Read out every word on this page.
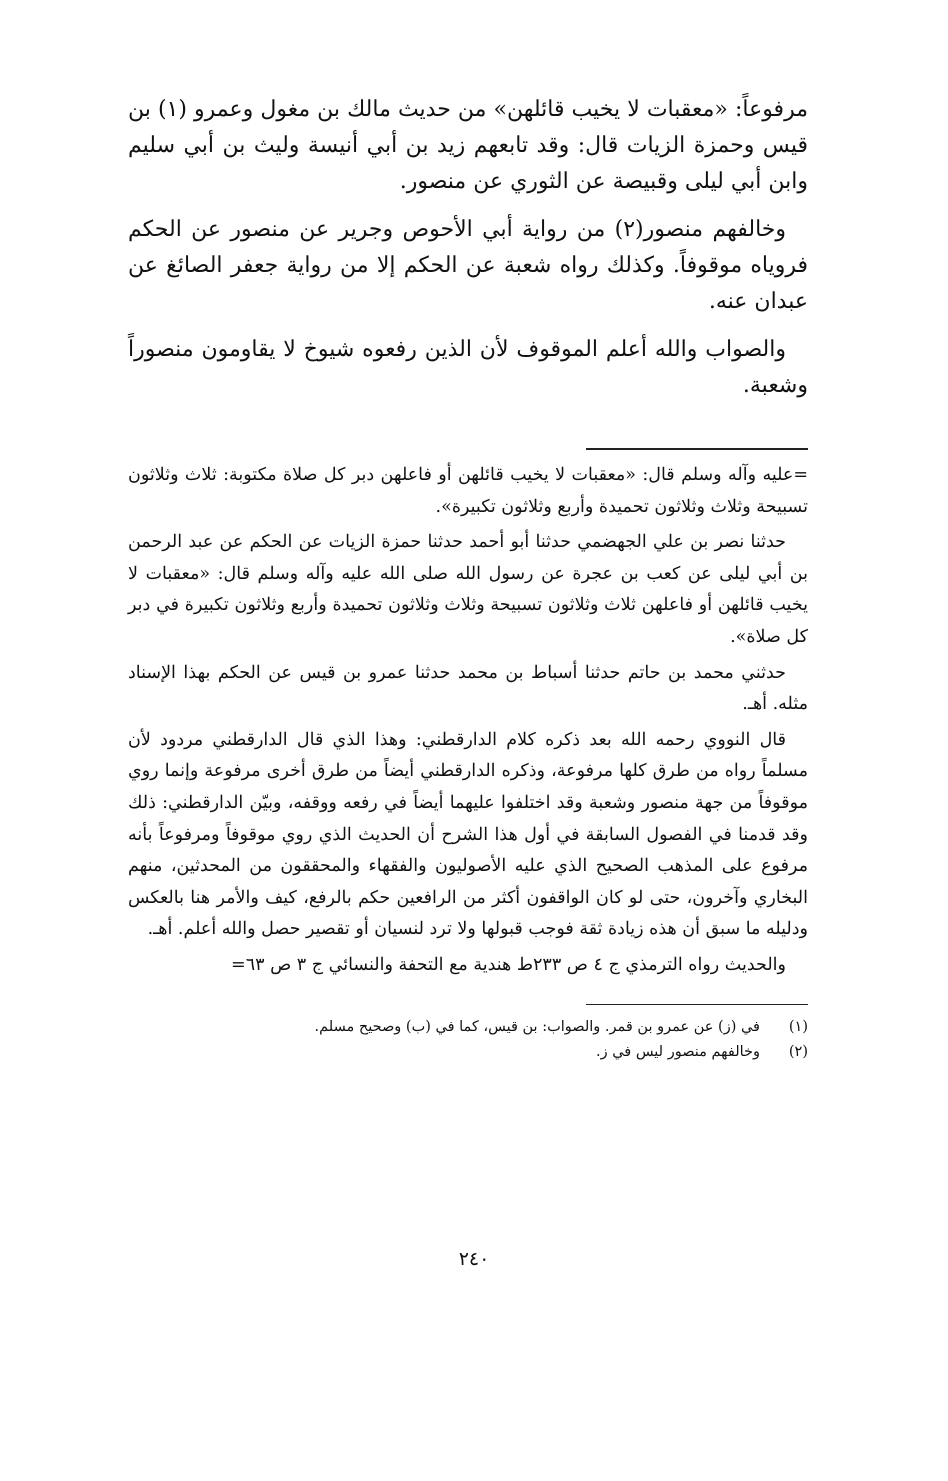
مرفوعاً: «معقبات لا يخيب قائلهن» من حديث مالك بن مغول وعمرو (١) بن قيس وحمزة الزيات قال: وقد تابعهم زيد بن أبي أنيسة وليث بن أبي سليم وابن أبي ليلى وقبيصة عن الثوري عن منصور.

وخالفهم منصور(٢) من رواية أبي الأحوص وجرير عن منصور عن الحكم فروياه موقوفاً. وكذلك رواه شعبة عن الحكم إلا من رواية جعفر الصائغ عن عبدان عنه.

والصواب والله أعلم الموقوف لأن الذين رفعوه شيوخ لا يقاومون منصوراً وشعبة.

=عليه وآله وسلم قال: «معقبات لا يخيب قائلهن أو فاعلهن دبر كل صلاة مكتوبة: ثلاث وثلاثون تسبيحة وثلاث وثلاثون تحميدة وأربع وثلاثون تكبيرة».

حدثنا نصر بن علي الجهضمي حدثنا أبو أحمد حدثنا حمزة الزيات عن الحكم عن عبد الرحمن بن أبي ليلى عن كعب بن عجرة عن رسول الله صلى الله عليه وآله وسلم قال: «معقبات لا يخيب قائلهن أو فاعلهن ثلاث وثلاثون تسبيحة وثلاث وثلاثون تحميدة وأربع وثلاثون تكبيرة في دبر كل صلاة».

حدثني محمد بن حاتم حدثنا أسباط بن محمد حدثنا عمرو بن قيس عن الحكم بهذا الإسناد مثله. أهـ.

قال النووي رحمه الله بعد ذكره كلام الدارقطني: وهذا الذي قال الدارقطني مردود لأن مسلماً رواه من طرق كلها مرفوعة، وذكره الدارقطني أيضاً من طرق أخرى مرفوعة وإنما روي موقوفاً من جهة منصور وشعبة وقد اختلفوا عليهما أيضاً في رفعه ووقفه، وبيّن الدارقطني: ذلك وقد قدمنا في الفصول السابقة في أول هذا الشرح أن الحديث الذي روي موقوفاً ومرفوعاً بأنه مرفوع على المذهب الصحيح الذي عليه الأصوليون والفقهاء والمحققون من المحدثين، منهم البخاري وآخرون، حتى لو كان الواقفون أكثر من الرافعين حكم بالرفع، كيف والأمر هنا بالعكس ودليله ما سبق أن هذه زيادة ثقة فوجب قبولها ولا ترد لنسيان أو تقصير حصل والله أعلم. أهـ.

والحديث رواه الترمذي ج ٤ ص ٢٣٣ط هندية مع التحفة والنسائي ج ٣ ص ٦٣=

(١)
في (ز) عن عمرو بن قمر. والصواب: بن قيس، كما في (ب) وصحيح مسلم.
(٢)
وخالفهم منصور ليس في ز.
٢٤٠
